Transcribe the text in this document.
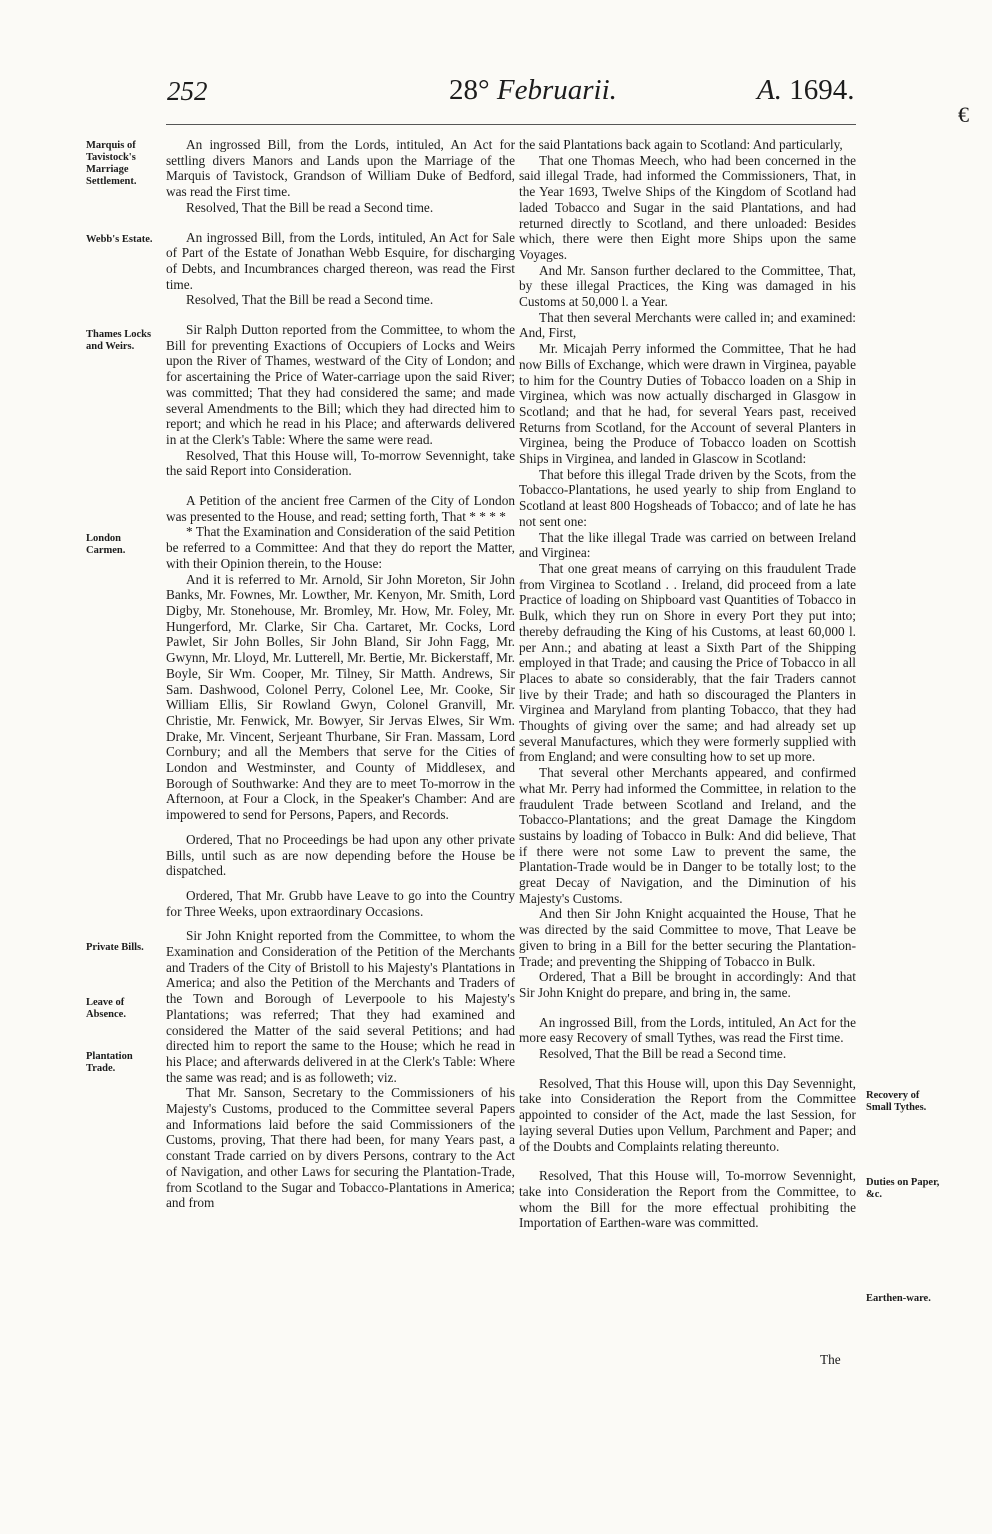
252	28° Februarii.	A. 1694.
€
Marquis of Tavistock's Marriage Settlement.
Webb's Estate.
Thames Locks and Weirs.
London Carmen.
Private Bills.
Leave of Absence.
Plantation Trade.
Recovery of Small Tythes.
Duties on Paper, &c.
Earthen-ware.

An ingrossed Bill, from the Lords, intituled, An Act for settling divers Manors and Lands upon the Marriage of the Marquis of Tavistock, Grandson of William Duke of Bedford, was read the First time.

Resolved, That the Bill be read a Second time.

An ingrossed Bill, from the Lords, intituled, An Act for Sale of Part of the Estate of Jonathan Webb Esquire, for discharging of Debts, and Incumbrances charged thereon, was read the First time.

Resolved, That the Bill be read a Second time.

Sir Ralph Dutton reported from the Committee, to whom the Bill for preventing Exactions of Occupiers of Locks and Weirs upon the River of Thames, westward of the City of London; and for ascertaining the Price of Water-carriage upon the said River; was committed; That they had considered the same; and made several Amendments to the Bill; which they had directed him to report; and which he read in his Place; and afterwards delivered in at the Clerk's Table: Where the same were read.

Resolved, That this House will, To-morrow Sevennight, take the said Report into Consideration.

A Petition of the ancient free Carmen of the City of London was presented to the House, and read; setting forth, That * * * *

* That the Examination and Consideration of the said Petition be referred to a Committee: And that they do report the Matter, with their Opinion therein, to the House:

And it is referred to Mr. Arnold, Sir John Moreton, Sir John Banks, Mr. Fownes, Mr. Lowther, Mr. Kenyon, Mr. Smith, Lord Digby, Mr. Stonehouse, Mr. Bromley, Mr. How, Mr. Foley, Mr. Hungerford, Mr. Clarke, Sir Cha. Cartaret, Mr. Cocks, Lord Pawlet, Sir John Bolles, Sir John Bland, Sir John Fagg, Mr. Gwynn, Mr. Lloyd, Mr. Lutterell, Mr. Bertie, Mr. Bickerstaff, Mr. Boyle, Sir Wm. Cooper, Mr. Tilney, Sir Matth. Andrews, Sir Sam. Dashwood, Colonel Perry, Colonel Lee, Mr. Cooke, Sir William Ellis, Sir Rowland Gwyn, Colonel Granvill, Mr. Christie, Mr. Fenwick, Mr. Bowyer, Sir Jervas Elwes, Sir Wm. Drake, Mr. Vincent, Serjeant Thurbane, Sir Fran. Massam, Lord Cornbury; and all the Members that serve for the Cities of London and Westminster, and County of Middlesex, and Borough of Southwarke: And they are to meet To-morrow in the Afternoon, at Four a Clock, in the Speaker's Chamber: And are impowered to send for Persons, Papers, and Records.

Ordered, That no Proceedings be had upon any other private Bills, until such as are now depending before the House be dispatched.

Ordered, That Mr. Grubb have Leave to go into the Country for Three Weeks, upon extraordinary Occasions.

Sir John Knight reported from the Committee, to whom the Examination and Consideration of the Petition of the Merchants and Traders of the City of Bristoll to his Majesty's Plantations in America; and also the Petition of the Merchants and Traders of the Town and Borough of Leverpoole to his Majesty's Plantations; was referred; That they had examined and considered the Matter of the said several Petitions; and had directed him to report the same to the House; which he read in his Place; and afterwards delivered in at the Clerk's Table: Where the same was read; and is as followeth; viz.

That Mr. Sanson, Secretary to the Commissioners of his Majesty's Customs, produced to the Committee several Papers and Informations laid before the said Commissioners of the Customs, proving, That there had been, for many Years past, a constant Trade carried on by divers Persons, contrary to the Act of Navigation, and other Laws for securing the Plantation-Trade, from Scotland to the Sugar and Tobacco-Plantations in America; and from

the said Plantations back again to Scotland: And particularly,

That one Thomas Meech, who had been concerned in the said illegal Trade, had informed the Commissioners, That, in the Year 1693, Twelve Ships of the Kingdom of Scotland had laded Tobacco and Sugar in the said Plantations, and had returned directly to Scotland, and there unloaded: Besides which, there were then Eight more Ships upon the same Voyages.

And Mr. Sanson further declared to the Committee, That, by these illegal Practices, the King was damaged in his Customs at 50,000 l. a Year.

That then several Merchants were called in; and examined: And, First,

Mr. Micajah Perry informed the Committee, That he had now Bills of Exchange, which were drawn in Virginea, payable to him for the Country Duties of Tobacco loaden on a Ship in Virginea, which was now actually discharged in Glasgow in Scotland; and that he had, for several Years past, received Returns from Scotland, for the Account of several Planters in Virginea, being the Produce of Tobacco loaden on Scottish Ships in Virginea, and landed in Glascow in Scotland:

That before this illegal Trade driven by the Scots, from the Tobacco-Plantations, he used yearly to ship from England to Scotland at least 800 Hogsheads of Tobacco; and of late he has not sent one:

That the like illegal Trade was carried on between Ireland and Virginea:

That one great means of carrying on this fraudulent Trade from Virginea to Scotland . . Ireland, did proceed from a late Practice of loading on Shipboard vast Quantities of Tobacco in Bulk, which they run on Shore in every Port they put into; thereby defrauding the King of his Customs, at least 60,000 l. per Ann.; and abating at least a Sixth Part of the Shipping employed in that Trade; and causing the Price of Tobacco in all Places to abate so considerably, that the fair Traders cannot live by their Trade; and hath so discouraged the Planters in Virginea and Maryland from planting Tobacco, that they had Thoughts of giving over the same; and had already set up several Manufactures, which they were formerly supplied with from England; and were consulting how to set up more.

That several other Merchants appeared, and confirmed what Mr. Perry had informed the Committee, in relation to the fraudulent Trade between Scotland and Ireland, and the Tobacco-Plantations; and the great Damage the Kingdom sustains by loading of Tobacco in Bulk: And did believe, That if there were not some Law to prevent the same, the Plantation-Trade would be in Danger to be totally lost; to the great Decay of Navigation, and the Diminution of his Majesty's Customs.

And then Sir John Knight acquainted the House, That he was directed by the said Committee to move, That Leave be given to bring in a Bill for the better securing the Plantation-Trade; and preventing the Shipping of Tobacco in Bulk.

Ordered, That a Bill be brought in accordingly: And that Sir John Knight do prepare, and bring in, the same.

An ingrossed Bill, from the Lords, intituled, An Act for the more easy Recovery of small Tythes, was read the First time.

Resolved, That the Bill be read a Second time.

Resolved, That this House will, upon this Day Sevennight, take into Consideration the Report from the Committee appointed to consider of the Act, made the last Session, for laying several Duties upon Vellum, Parchment and Paper; and of the Doubts and Complaints relating thereunto.

Resolved, That this House will, To-morrow Sevennight, take into Consideration the Report from the Committee, to whom the Bill for the more effectual prohibiting the Importation of Earthen-ware was committed.

The
